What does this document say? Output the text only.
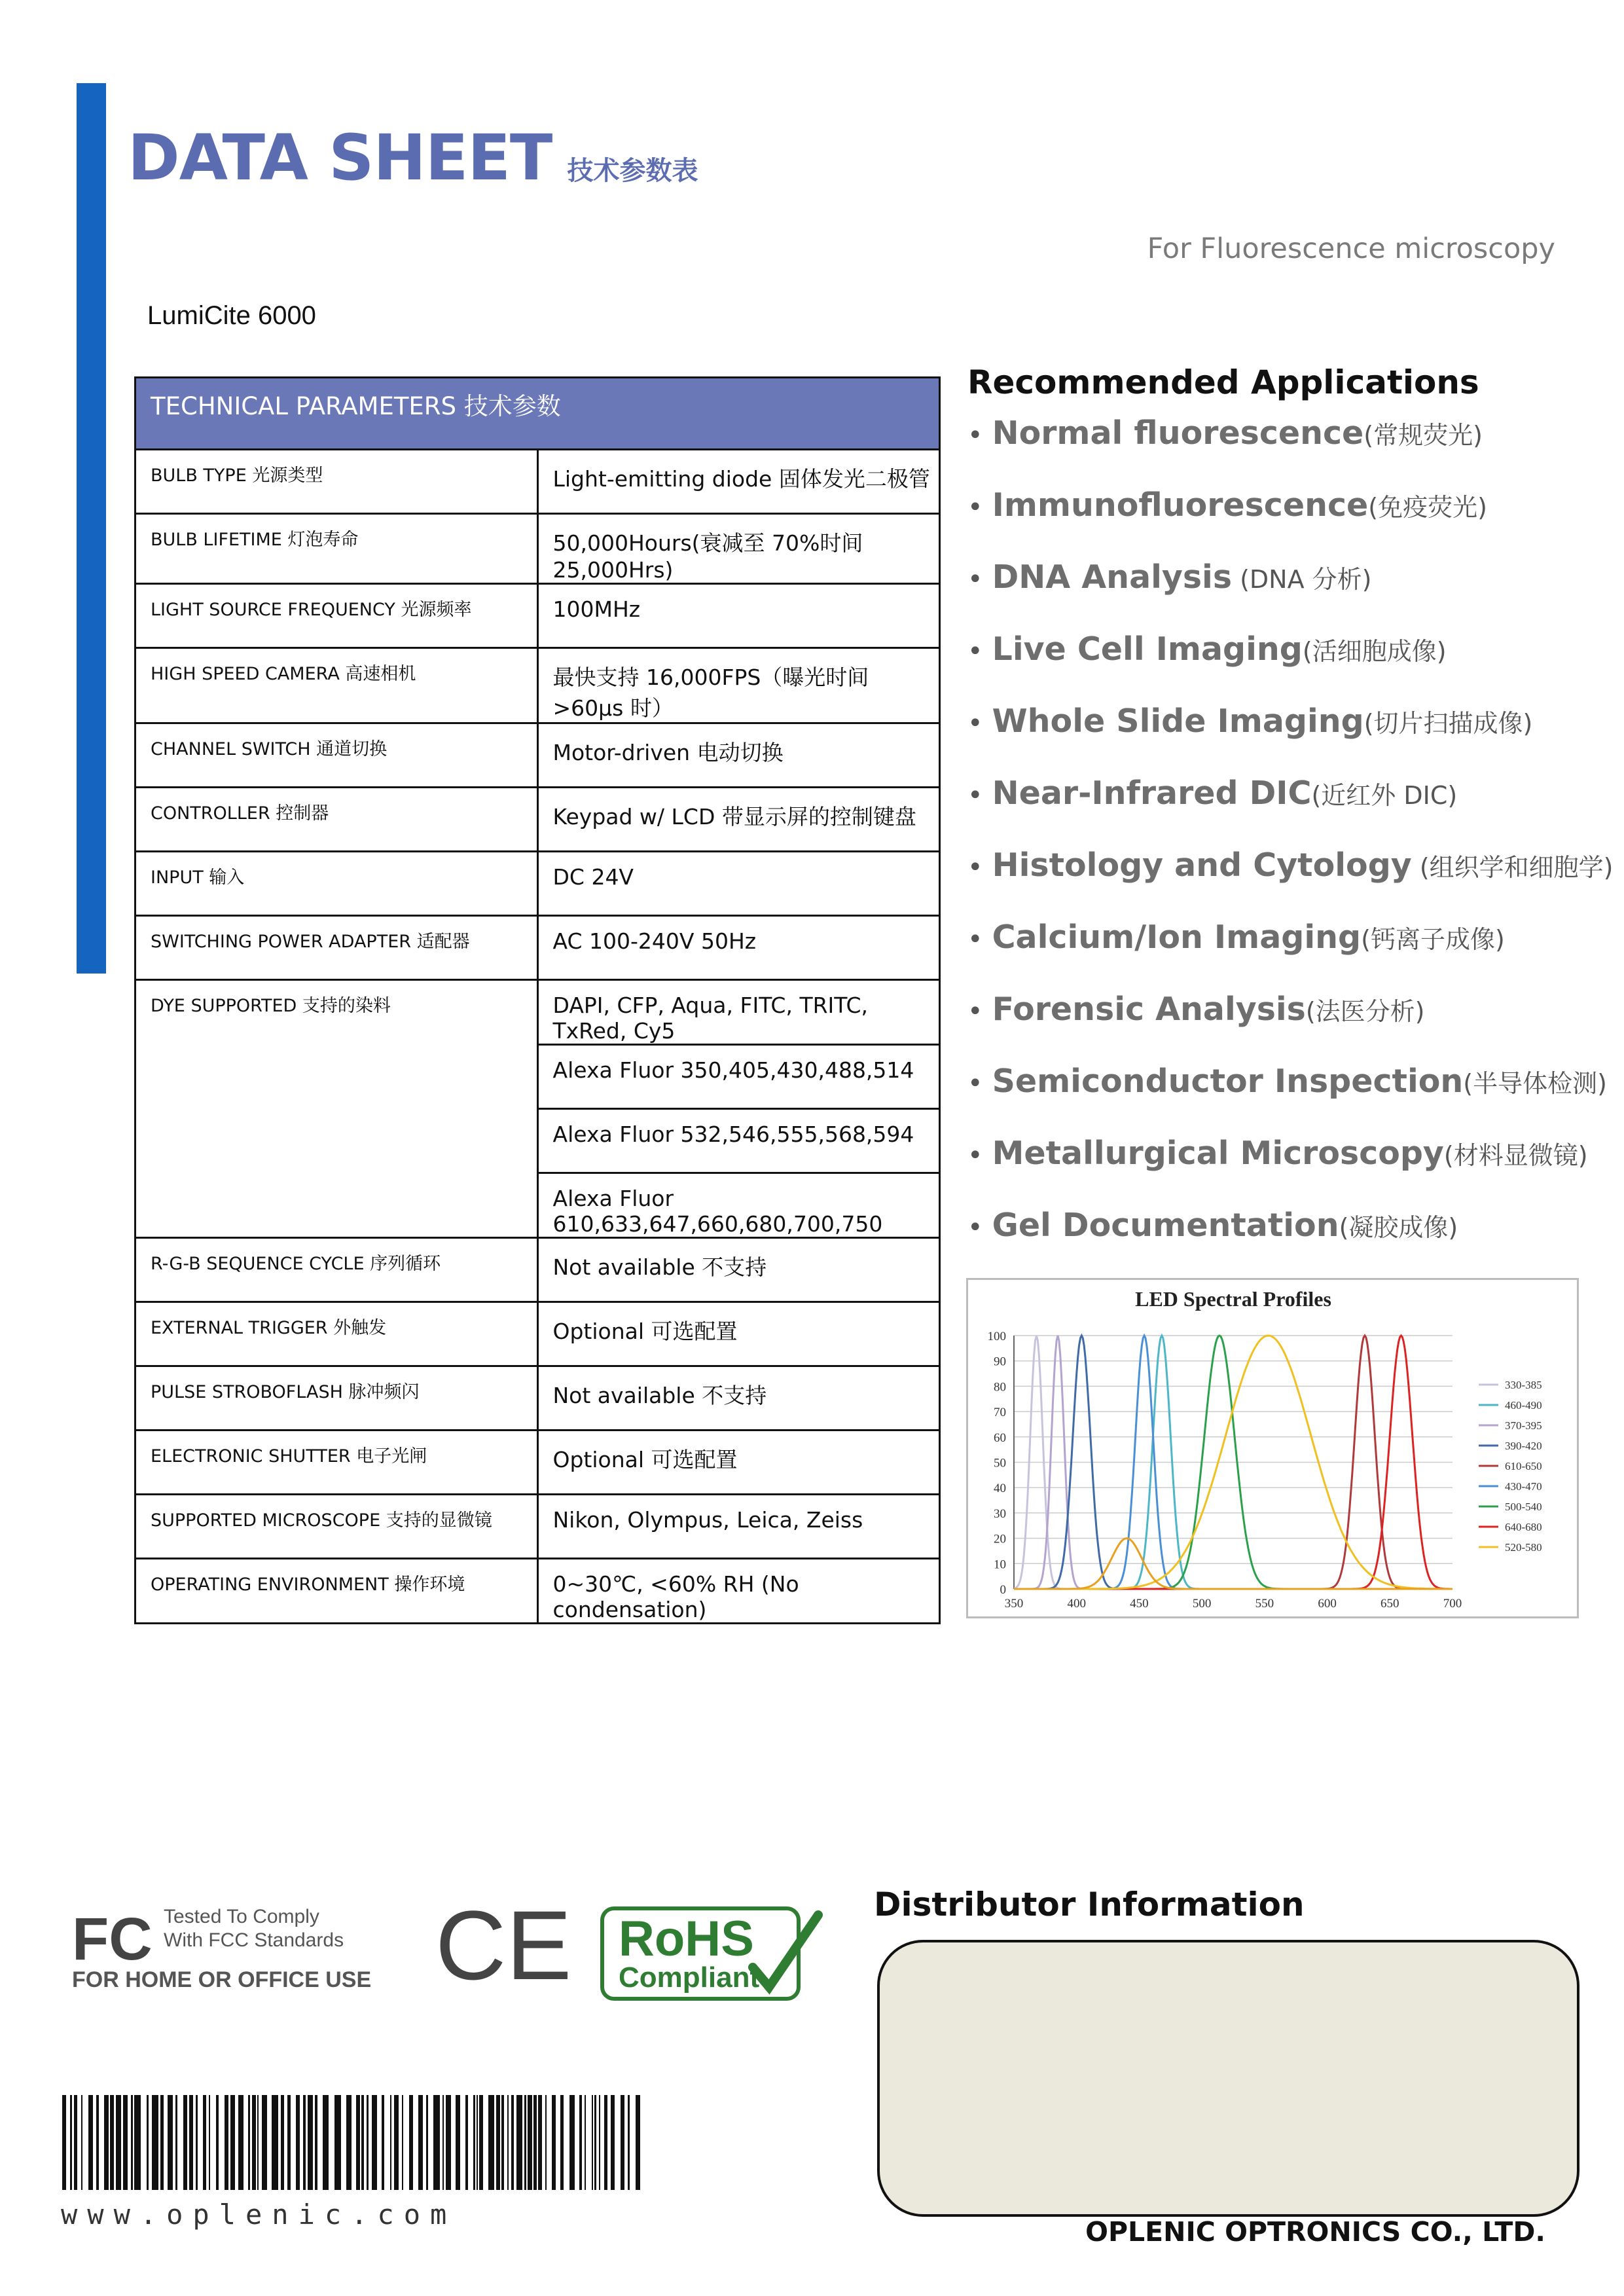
DATA SHEET 技术参数表
For Fluorescence microscopy
LumiCite 6000
TECHNICAL PARAMETERS 技术参数	

BULB TYPE 光源类型	Light-emitting diode 固体发光二极管
BULB LIFETIME 灯泡寿命	50,000Hours(衰减至 70%时间 25,000Hrs)
LIGHT SOURCE FREQUENCY 光源频率	100MHz
HIGH SPEED CAMERA 高速相机	最快支持 16,000FPS（曝光时间>60μs 时）
CHANNEL SWITCH 通道切换	Motor-driven 电动切换
CONTROLLER 控制器	Keypad w/ LCD 带显示屏的控制键盘
INPUT 输入	DC 24V
SWITCHING POWER ADAPTER 适配器	AC 100-240V 50Hz
DYE SUPPORTED 支持的染料	DAPI, CFP, Aqua, FITC, TRITC, TxRed, Cy5
	Alexa Fluor 350,405,430,488,514
	Alexa Fluor 532,546,555,568,594
	Alexa Fluor 610,633,647,660,680,700,750
R-G-B SEQUENCE CYCLE 序列循环	Not available 不支持
EXTERNAL TRIGGER 外触发	Optional 可选配置
PULSE STROBOFLASH 脉冲频闪	Not available 不支持
ELECTRONIC SHUTTER 电子光闸	Optional 可选配置
SUPPORTED MICROSCOPE 支持的显微镜	Nikon, Olympus, Leica, Zeiss
OPERATING ENVIRONMENT 操作环境	0~30℃, <60% RH (No condensation)
Recommended Applications
• Normal fluorescence(常规荧光)
• Immunofluorescence(免疫荧光)
• DNA Analysis (DNA 分析)
• Live Cell Imaging(活细胞成像)
• Whole Slide Imaging(切片扫描成像)
• Near-Infrared DIC(近红外 DIC)
• Histology and Cytology (组织学和细胞学)
• Calcium/Ion Imaging(钙离子成像)
• Forensic Analysis(法医分析)
• Semiconductor Inspection(半导体检测)
• Metallurgical Microscopy(材料显微镜)
• Gel Documentation(凝胶成像)
LED Spectral Profiles
0
10
20
30
40
50
60
70
80
90
100
350	400	450	500	550	600	650	700
330-385
460-490
370-395
390-420
610-650
430-470
500-540
640-680
520-580
FC Tested To Comply
With FCC Standards
FOR HOME OR OFFICE USE CE RoHS
Compliant
Distributor Information
OPLENIC OPTRONICS CO., LTD.
www.oplenic.com
